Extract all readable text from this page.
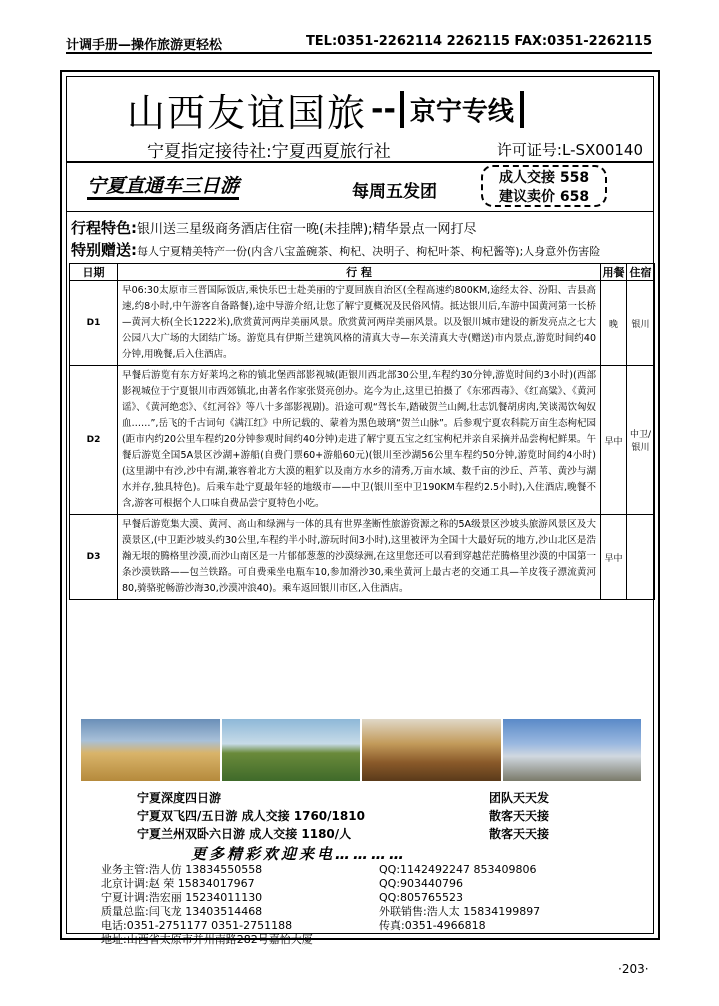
计调手册—操作旅游更轻松	TEL:0351-2262114 2262115 FAX:0351-2262115
山西友谊国旅 -- 京宁专线
宁夏指定接待社:宁夏西夏旅行社	许可证号:L-SX00140
宁夏直通车三日游	每周五发团
成人交接 558
建议卖价 658
行程特色:银川送三星级商务酒店住宿一晚(未挂牌);精华景点一网打尽
特别赠送:每人宁夏精美特产一份(内含八宝盖碗茶、枸杞、决明子、枸杞叶茶、枸杞酱等);人身意外伤害险
日期	行 程	用餐	住宿
D1	早06:30太原市三晋国际饭店,乘快乐巴士赴美丽的宁夏回族自治区(全程高速约800KM,途经太谷、汾阳、吉县高速,约8小时,中午游客自备路餐),途中导游介绍,让您了解宁夏概况及民俗风情。抵达银川后,车游中国黄河第一长桥—黄河大桥(全长1222米),欣赏黄河两岸美丽风景。欣赏黄河两岸美丽风景。以及银川城市建设的新发亮点之七大公园八大广场的大团结广场。游览具有伊斯兰建筑风格的清真大寺—东关清真大寺(赠送)市内景点,游览时间约40分钟,用晚餐,后入住酒店。	晚	银川
D2	早餐后游览有东方好莱坞之称的镇北堡西部影视城(距银川西北部30公里,车程约30分钟,游览时间约3小时)(西部影视城位于宁夏银川市西郊镇北,由著名作家张贤亮创办。迄今为止,这里已拍摄了《东邪西毒》、《红高粱》、《黄河谣》、《黄河绝恋》、《红河谷》等八十多部影视剧)。沿途可观“驾长车,踏破贺兰山阙,壮志饥餐胡虏肉,笑谈渴饮匈奴血……”,岳飞的千古词句《满江红》中所记载的、蒙着为黑色玻璃“贺兰山脉”。后参观宁夏农科院万亩生态枸杞园(距市内约20公里车程约20分钟参观时间约40分钟)走进了解宁夏五宝之红宝枸杞并亲自采摘并品尝枸杞鲜果。午餐后游览全国5A景区沙湖+游船(自费门票60+游船60元)(银川至沙湖56公里车程约50分钟,游览时间约4小时)(这里湖中有沙,沙中有湖,兼容着北方大漠的粗犷以及南方水乡的清秀,万亩水域、数千亩的沙丘、芦苇、黄沙与湖水并存,独具特色)。后乘车赴宁夏最年轻的地级市——中卫(银川至中卫190KM车程约2.5小时),入住酒店,晚餐不含,游客可根据个人口味自费品尝宁夏特色小吃。	早中	中卫/银川
D3	早餐后游览集大漠、黄河、高山和绿洲与一体的具有世界垄断性旅游资源之称的5A级景区沙坡头旅游风景区及大漠景区,(中卫距沙坡头约30公里,车程约半小时,游玩时间3小时),这里被评为全国十大最好玩的地方,沙山北区是浩瀚无垠的腾格里沙漠,而沙山南区是一片郁郁葱葱的沙漠绿洲,在这里您还可以看到穿越茫茫腾格里沙漠的中国第一条沙漠铁路——包兰铁路。可自费乘坐电瓶车10,参加滑沙30,乘坐黄河上最古老的交通工具—羊皮筏子漂流黄河80,骑骆驼畅游沙海30,沙漠冲浪40)。乘车返回银川市区,入住酒店。	早中	
宁夏深度四日游
宁夏双飞四/五日游 成人交接 1760/1810
宁夏兰州双卧六日游 成人交接 1180/人
团队天天发
散客天天接
散客天天接
更多精彩欢迎来电…………
业务主管:浩人仿 13834550558
北京计调:赵 荣 15834017967
宁夏计调:浩宏丽 15234011130
质量总监:闫飞龙 13403514468
电话:0351-2751177 0351-2751188
地址:山西省太原市并州南路282号嘉怡大厦
QQ:1142492247 853409806
QQ:903440796
QQ:805765523
外联销售:浩人太 15834199897
传真:0351-4966818
·203·
